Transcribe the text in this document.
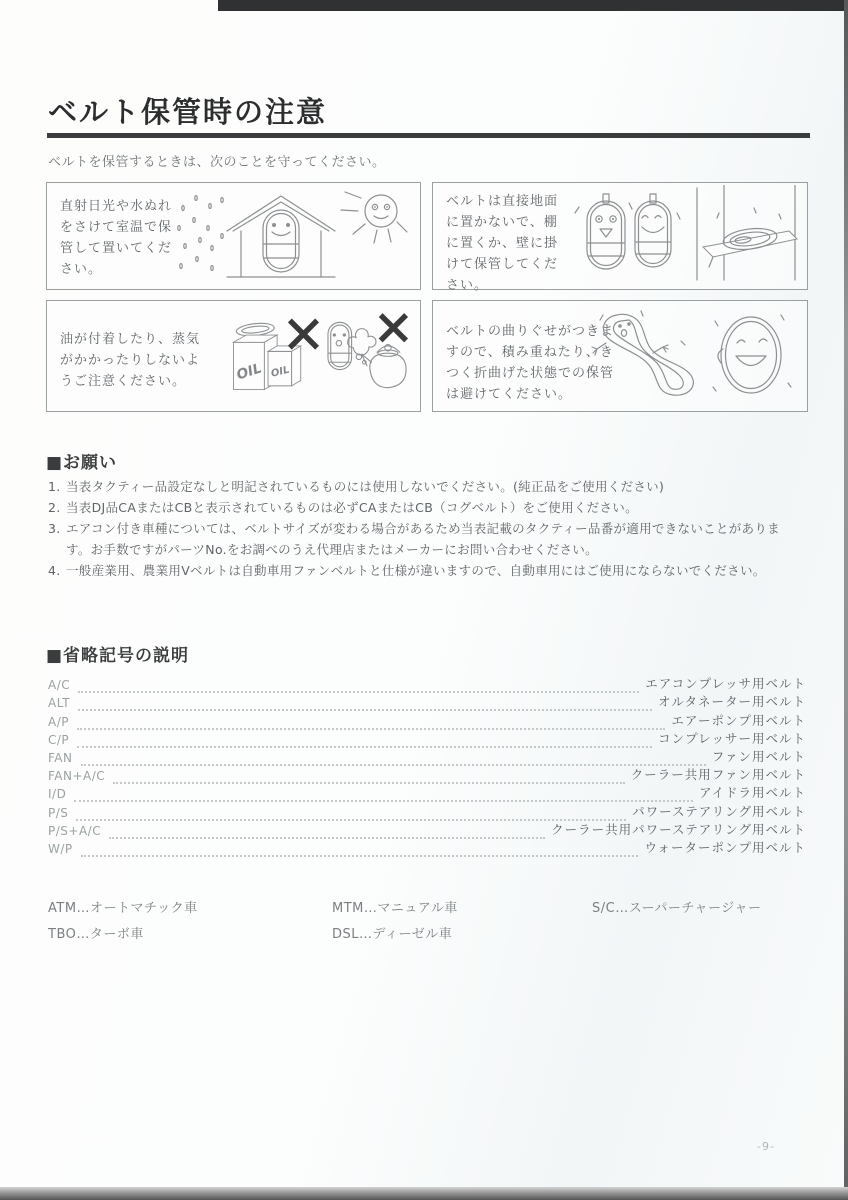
ベルト保管時の注意
ベルトを保管するときは、次のことを守ってください。
直射日光や水ぬれをさけて室温で保管して置いてください。
ベルトは直接地面に置かないで、棚に置くか、壁に掛けて保管してください。
油が付着したり、蒸気がかかったりしないようご注意ください。	OIL OIL
ベルトの曲りぐせがつきますので、積み重ねたり、きつく折曲げた状態での保管は避けてください。
■お願い
1. 当表タクティー品設定なしと明記されているものには使用しないでください。(純正品をご使用ください)
2. 当表DJ品CAまたはCBと表示されているものは必ずCAまたはCB（コグベルト）をご使用ください。
3. エアコン付き車種については、ベルトサイズが変わる場合があるため当表記載のタクティー品番が適用できないことがあります。お手数ですがパーツNo.をお調べのうえ代理店またはメーカーにお問い合わせください。
4. 一般産業用、農業用Vベルトは自動車用ファンベルトと仕様が違いますので、自動車用にはご使用にならないでください。
■省略記号の説明
A/C	エアコンプレッサ用ベルト
ALT	オルタネーター用ベルト
A/P	エアーポンプ用ベルト
C/P	コンプレッサー用ベルト
FAN	ファン用ベルト
FAN+A/C	クーラー共用ファン用ベルト
I/D	アイドラ用ベルト
P/S	パワーステアリング用ベルト
P/S+A/C	クーラー共用パワーステアリング用ベルト
W/P	ウォーターポンプ用ベルト
ATM…オートマチック車
TBO…ターボ車
MTM…マニュアル車
DSL…ディーゼル車
S/C…スーパーチャージャー
-9-
